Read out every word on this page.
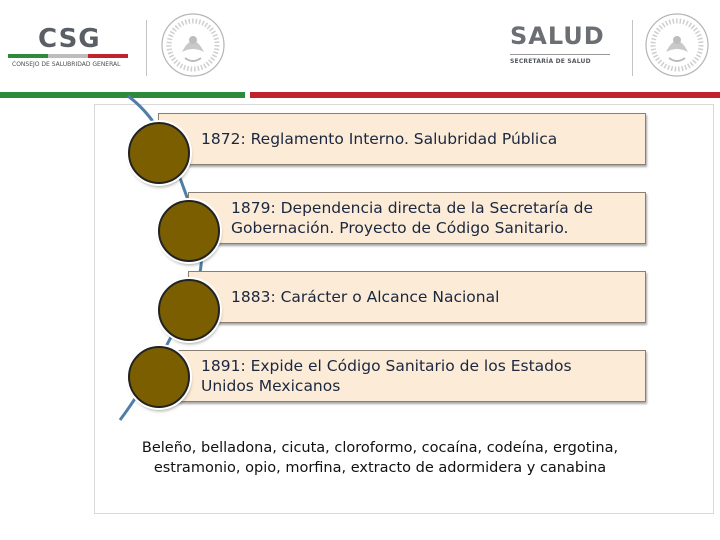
CSG
CONSEJO DE SALUBRIDAD GENERAL
SALUD
SECRETARÍA DE SALUD
1872: Reglamento Interno. Salubridad Pública
1879: Dependencia directa de la Secretaría de Gobernación. Proyecto de Código Sanitario.
1883: Carácter o Alcance Nacional
1891: Expide el Código Sanitario de los Estados Unidos Mexicanos
Beleño, belladona, cicuta, cloroformo, cocaína, codeína, ergotina, estramonio, opio, morfina, extracto de adormidera y canabina
